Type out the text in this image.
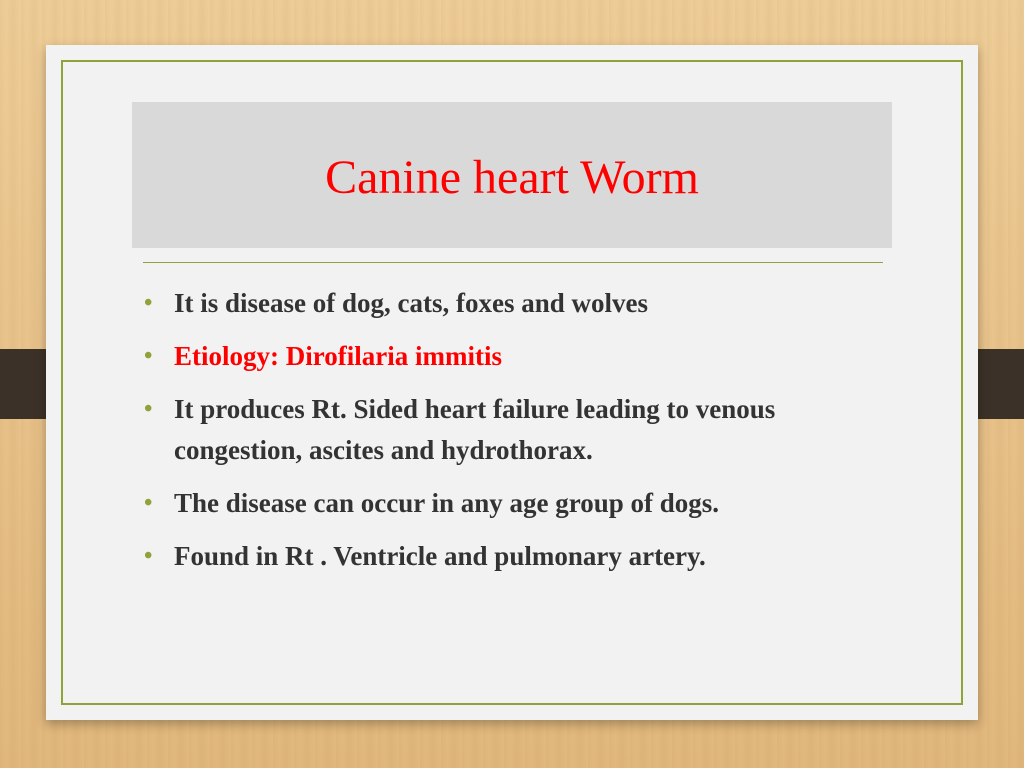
Canine heart Worm
• It is disease of dog, cats, foxes and wolves
• Etiology: Dirofilaria immitis
• It produces Rt. Sided heart failure leading to venous congestion, ascites and hydrothorax.
• The disease can occur in any age group of dogs.
• Found in Rt . Ventricle and pulmonary artery.
